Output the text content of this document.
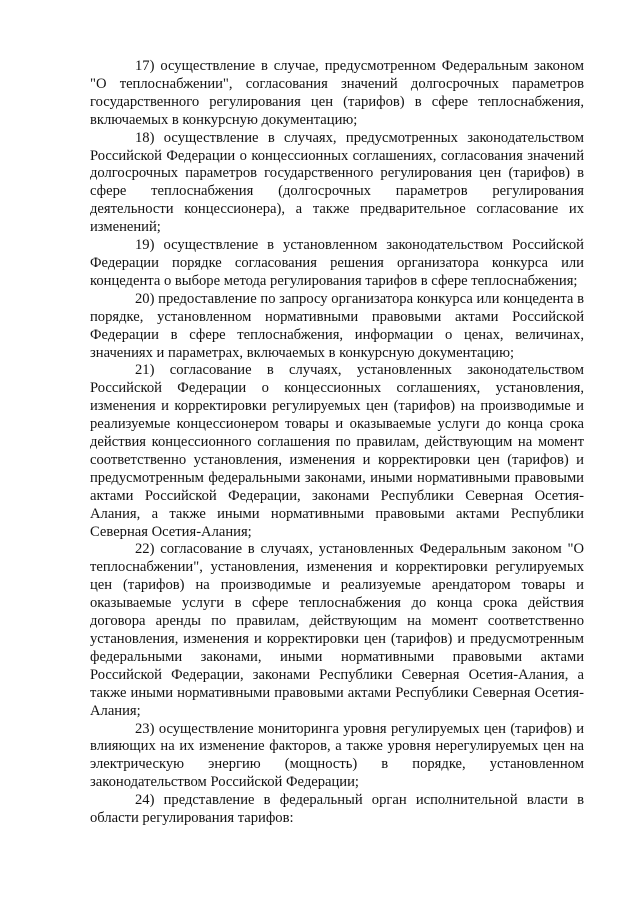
17) осуществление в случае, предусмотренном Федеральным законом "О теплоснабжении", согласования значений долгосрочных параметров государственного регулирования цен (тарифов) в сфере теплоснабжения, включаемых в конкурсную документацию;

18) осуществление в случаях, предусмотренных законодательством Российской Федерации о концессионных соглашениях, согласования значений долгосрочных параметров государственного регулирования цен (тарифов) в сфере теплоснабжения (долгосрочных параметров регулирования деятельности концессионера), а также предварительное согласование их изменений;

19) осуществление в установленном законодательством Российской Федерации порядке согласования решения организатора конкурса или концедента о выборе метода регулирования тарифов в сфере теплоснабжения;

20) предоставление по запросу организатора конкурса или концедента в порядке, установленном нормативными правовыми актами Российской Федерации в сфере теплоснабжения, информации о ценах, величинах, значениях и параметрах, включаемых в конкурсную документацию;

21) согласование в случаях, установленных законодательством Российской Федерации о концессионных соглашениях, установления, изменения и корректировки регулируемых цен (тарифов) на производимые и реализуемые концессионером товары и оказываемые услуги до конца срока действия концессионного соглашения по правилам, действующим на момент соответственно установления, изменения и корректировки цен (тарифов) и предусмотренным федеральными законами, иными нормативными правовыми актами Российской Федерации, законами Республики Северная Осетия-Алания, а также иными нормативными правовыми актами Республики Северная Осетия-Алания;

22) согласование в случаях, установленных Федеральным законом "О теплоснабжении", установления, изменения и корректировки регулируемых цен (тарифов) на производимые и реализуемые арендатором товары и оказываемые услуги в сфере теплоснабжения до конца срока действия договора аренды по правилам, действующим на момент соответственно установления, изменения и корректировки цен (тарифов) и предусмотренным федеральными законами, иными нормативными правовыми актами Российской Федерации, законами Республики Северная Осетия-Алания, а также иными нормативными правовыми актами Республики Северная Осетия-Алания;

23) осуществление мониторинга уровня регулируемых цен (тарифов) и влияющих на их изменение факторов, а также уровня нерегулируемых цен на электрическую энергию (мощность) в порядке, установленном законодательством Российской Федерации;

24) представление в федеральный орган исполнительной власти в области регулирования тарифов:
